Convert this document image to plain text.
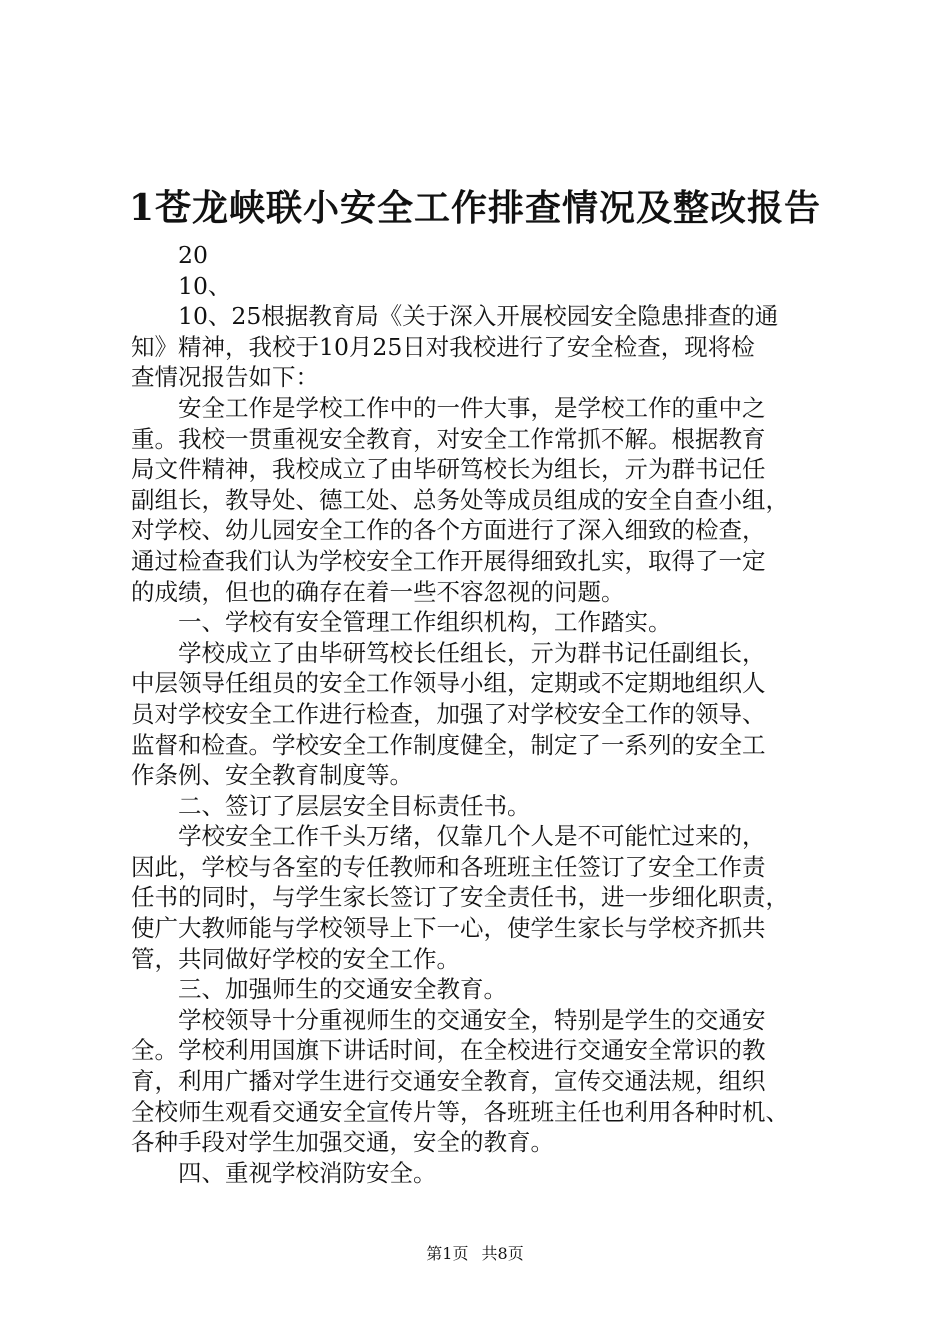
1苍龙峡联小安全工作排查情况及整改报告

20

10、

10、25根据教育局《关于深入开展校园安全隐患排查的通

知》精神，我校于10月25日对我校进行了安全检查，现将检

查情况报告如下：

安全工作是学校工作中的一件大事，是学校工作的重中之

重。我校一贯重视安全教育，对安全工作常抓不解。根据教育

局文件精神，我校成立了由毕研笃校长为组长，亓为群书记任

副组长，教导处、德工处、总务处等成员组成的安全自查小组，

对学校、幼儿园安全工作的各个方面进行了深入细致的检查，

通过检查我们认为学校安全工作开展得细致扎实，取得了一定

的成绩，但也的确存在着一些不容忽视的问题。

一、学校有安全管理工作组织机构，工作踏实。

学校成立了由毕研笃校长任组长，亓为群书记任副组长，

中层领导任组员的安全工作领导小组，定期或不定期地组织人

员对学校安全工作进行检查，加强了对学校安全工作的领导、

监督和检查。学校安全工作制度健全，制定了一系列的安全工

作条例、安全教育制度等。

二、签订了层层安全目标责任书。

学校安全工作千头万绪，仅靠几个人是不可能忙过来的，

因此，学校与各室的专任教师和各班班主任签订了安全工作责

任书的同时，与学生家长签订了安全责任书，进一步细化职责，

使广大教师能与学校领导上下一心，使学生家长与学校齐抓共

管，共同做好学校的安全工作。

三、加强师生的交通安全教育。

学校领导十分重视师生的交通安全，特别是学生的交通安

全。学校利用国旗下讲话时间，在全校进行交通安全常识的教

育，利用广播对学生进行交通安全教育，宣传交通法规，组织

全校师生观看交通安全宣传片等，各班班主任也利用各种时机、

各种手段对学生加强交通，安全的教育。

四、重视学校消防安全。

第1页 共8页
